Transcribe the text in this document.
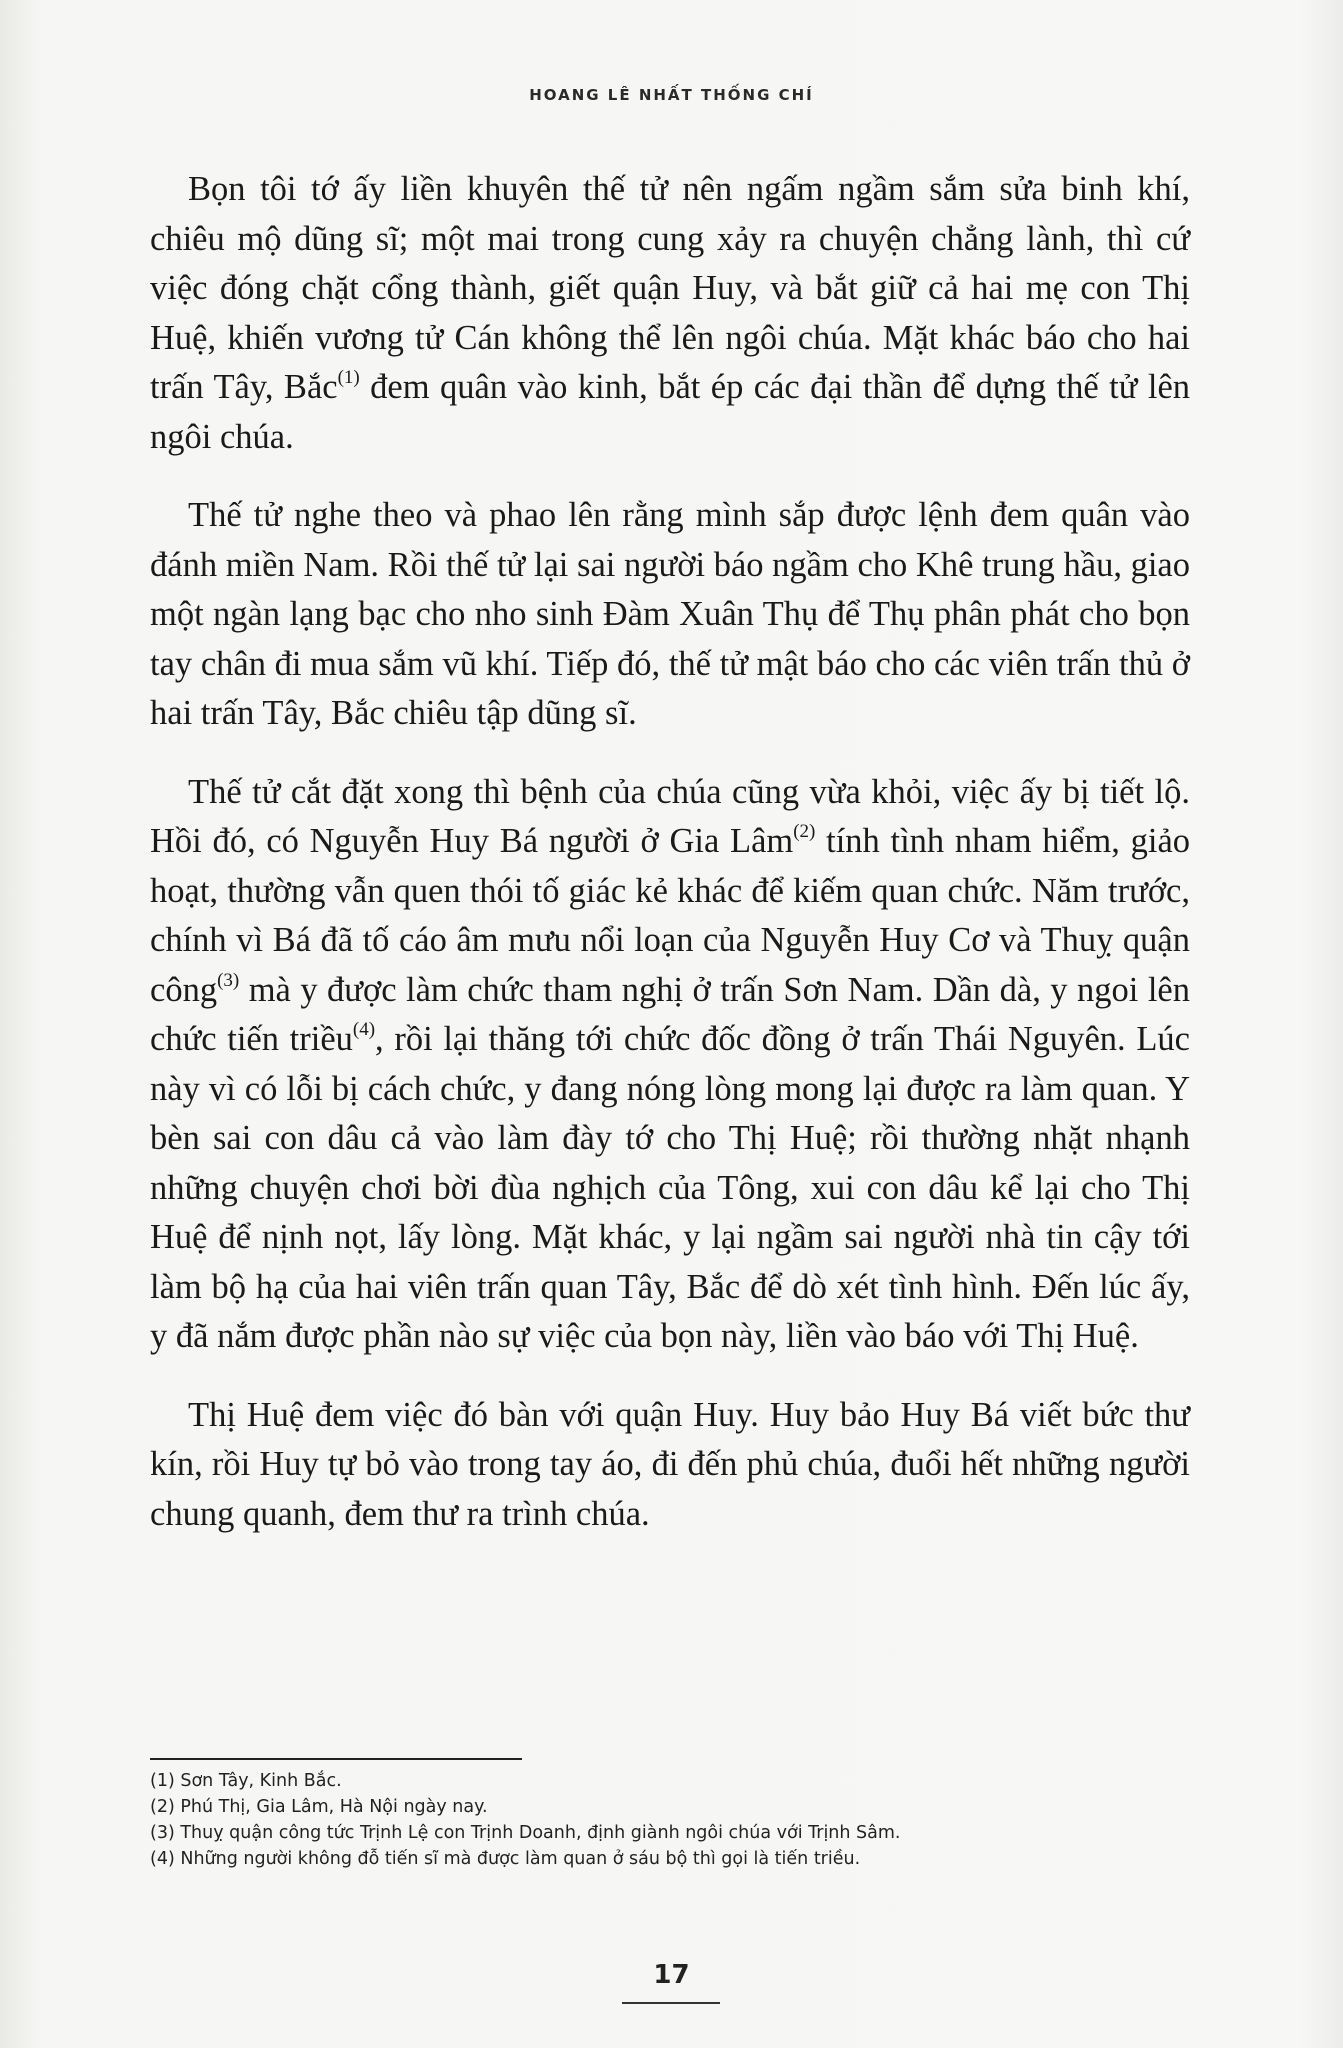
HOANG LÊ NHẤT THỐNG CHÍ

Bọn tôi tớ ấy liền khuyên thế tử nên ngấm ngầm sắm sửa binh khí, chiêu mộ dũng sĩ; một mai trong cung xảy ra chuyện chẳng lành, thì cứ việc đóng chặt cổng thành, giết quận Huy, và bắt giữ cả hai mẹ con Thị Huệ, khiến vương tử Cán không thể lên ngôi chúa. Mặt khác báo cho hai trấn Tây, Bắc$^{(1)}$ đem quân vào kinh, bắt ép các đại thần để dựng thế tử lên ngôi chúa.

Thế tử nghe theo và phao lên rằng mình sắp được lệnh đem quân vào đánh miền Nam. Rồi thế tử lại sai người báo ngầm cho Khê trung hầu, giao một ngàn lạng bạc cho nho sinh Đàm Xuân Thụ để Thụ phân phát cho bọn tay chân đi mua sắm vũ khí. Tiếp đó, thế tử mật báo cho các viên trấn thủ ở hai trấn Tây, Bắc chiêu tập dũng sĩ.

Thế tử cắt đặt xong thì bệnh của chúa cũng vừa khỏi, việc ấy bị tiết lộ. Hồi đó, có Nguyễn Huy Bá người ở Gia Lâm$^{(2)}$ tính tình nham hiểm, giảo hoạt, thường vẫn quen thói tố giác kẻ khác để kiếm quan chức. Năm trước, chính vì Bá đã tố cáo âm mưu nổi loạn của Nguyễn Huy Cơ và Thuỵ quận công$^{(3)}$ mà y được làm chức tham nghị ở trấn Sơn Nam. Dần dà, y ngoi lên chức tiến triều$^{(4)}$, rồi lại thăng tới chức đốc đồng ở trấn Thái Nguyên. Lúc này vì có lỗi bị cách chức, y đang nóng lòng mong lại được ra làm quan. Y bèn sai con dâu cả vào làm đày tớ cho Thị Huệ; rồi thường nhặt nhạnh những chuyện chơi bời đùa nghịch của Tông, xui con dâu kể lại cho Thị Huệ để nịnh nọt, lấy lòng. Mặt khác, y lại ngầm sai người nhà tin cậy tới làm bộ hạ của hai viên trấn quan Tây, Bắc để dò xét tình hình. Đến lúc ấy, y đã nắm được phần nào sự việc của bọn này, liền vào báo với Thị Huệ.

Thị Huệ đem việc đó bàn với quận Huy. Huy bảo Huy Bá viết bức thư kín, rồi Huy tự bỏ vào trong tay áo, đi đến phủ chúa, đuổi hết những người chung quanh, đem thư ra trình chúa.

(1) Sơn Tây, Kinh Bắc.

(2) Phú Thị, Gia Lâm, Hà Nội ngày nay.

(3) Thuỵ quận công tức Trịnh Lệ con Trịnh Doanh, định giành ngôi chúa với Trịnh Sâm.

(4) Những người không đỗ tiến sĩ mà được làm quan ở sáu bộ thì gọi là tiến triều.

17
